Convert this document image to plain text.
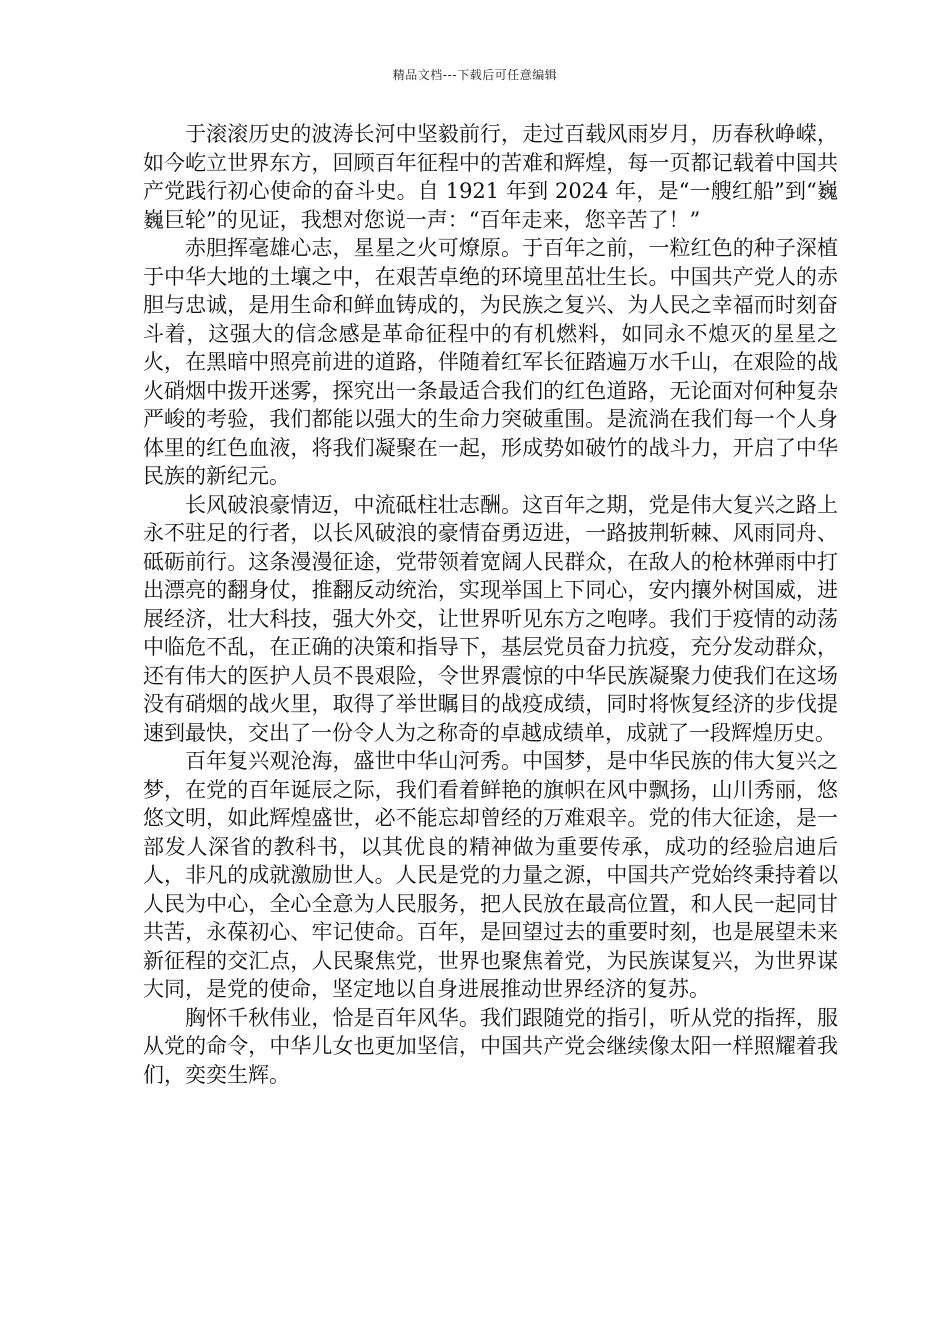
精品文档---下载后可任意编辑

于滚滚历史的波涛长河中坚毅前行，走过百载风雨岁月，历春秋峥嵘，如今屹立世界东方，回顾百年征程中的苦难和辉煌，每一页都记载着中国共产党践行初心使命的奋斗史。自 1921 年到 2024 年，是“一艘红船”到“巍巍巨轮”的见证，我想对您说一声：“百年走来，您辛苦了！”

赤胆挥毫雄心志，星星之火可燎原。于百年之前，一粒红色的种子深植于中华大地的土壤之中，在艰苦卓绝的环境里茁壮生长。中国共产党人的赤胆与忠诚，是用生命和鲜血铸成的，为民族之复兴、为人民之幸福而时刻奋斗着，这强大的信念感是革命征程中的有机燃料，如同永不熄灭的星星之火，在黑暗中照亮前进的道路，伴随着红军长征踏遍万水千山，在艰险的战火硝烟中拨开迷雾，探究出一条最适合我们的红色道路，无论面对何种复杂严峻的考验，我们都能以强大的生命力突破重围。是流淌在我们每一个人身体里的红色血液，将我们凝聚在一起，形成势如破竹的战斗力，开启了中华民族的新纪元。

长风破浪豪情迈，中流砥柱壮志酬。这百年之期，党是伟大复兴之路上永不驻足的行者，以长风破浪的豪情奋勇迈进，一路披荆斩棘、风雨同舟、砥砺前行。这条漫漫征途，党带领着宽阔人民群众，在敌人的枪林弹雨中打出漂亮的翻身仗，推翻反动统治，实现举国上下同心，安内攘外树国威，进展经济，壮大科技，强大外交，让世界听见东方之咆哮。我们于疫情的动荡中临危不乱，在正确的决策和指导下，基层党员奋力抗疫，充分发动群众，还有伟大的医护人员不畏艰险，令世界震惊的中华民族凝聚力使我们在这场没有硝烟的战火里，取得了举世瞩目的战疫成绩，同时将恢复经济的步伐提速到最快，交出了一份令人为之称奇的卓越成绩单，成就了一段辉煌历史。

百年复兴观沧海，盛世中华山河秀。中国梦，是中华民族的伟大复兴之梦，在党的百年诞辰之际，我们看着鲜艳的旗帜在风中飘扬，山川秀丽，悠悠文明，如此辉煌盛世，必不能忘却曾经的万难艰辛。党的伟大征途，是一部发人深省的教科书，以其优良的精神做为重要传承，成功的经验启迪后人，非凡的成就激励世人。人民是党的力量之源，中国共产党始终秉持着以人民为中心，全心全意为人民服务，把人民放在最高位置，和人民一起同甘共苦，永葆初心、牢记使命。百年，是回望过去的重要时刻，也是展望未来新征程的交汇点，人民聚焦党，世界也聚焦着党，为民族谋复兴，为世界谋大同，是党的使命，坚定地以自身进展推动世界经济的复苏。

胸怀千秋伟业，恰是百年风华。我们跟随党的指引，听从党的指挥，服从党的命令，中华儿女也更加坚信，中国共产党会继续像太阳一样照耀着我们，奕奕生辉。
